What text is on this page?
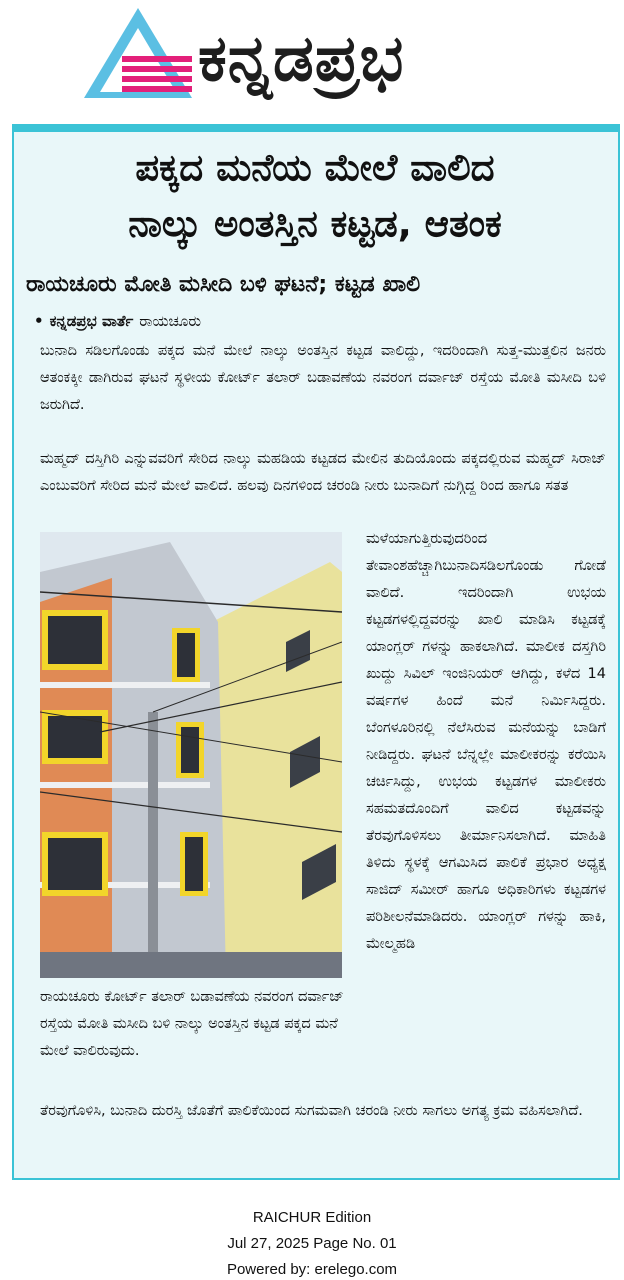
ಕನ್ನಡಪ್ರಭ
ಪಕ್ಕದ ಮನೆಯ ಮೇಲೆ ವಾಲಿದ
ನಾಲ್ಕು ಅಂತಸ್ತಿನ ಕಟ್ಟಡ, ಆತಂಕ
ರಾಯಚೂರು ಮೋತಿ ಮಸೀದಿ ಬಳಿ ಘಟನೆ; ಕಟ್ಟಡ ಖಾಲಿ
• ಕನ್ನಡಪ್ರಭ ವಾರ್ತೆ ರಾಯಚೂರು
ಬುನಾದಿ ಸಡಿಲಗೊಂಡು ಪಕ್ಕದ ಮನೆ ಮೇಲೆ ನಾಲ್ಕು ಅಂತಸ್ತಿನ ಕಟ್ಟಡ ವಾಲಿದ್ದು, ಇದರಿಂದಾಗಿ ಸುತ್ತ-ಮುತ್ತಲಿನ ಜನರು ಆತಂಕಕ್ಕೀ ಡಾಗಿರುವ ಘಟನೆ ಸ್ಥಳೀಯ ಕೋರ್ಟ್ ತಲಾರ್ ಬಡಾವಣೆಯ ನವರಂಗ ದರ್ವಾಜ್ ರಸ್ತೆಯ ಮೋತಿ ಮಸೀದಿ ಬಳಿ ಜರುಗಿದೆ.
ಮಹ್ಮದ್ ದಸ್ತಿಗಿರಿ ಎನ್ನುವವರಿಗೆ ಸೇರಿದ ನಾಲ್ಕು ಮಹಡಿಯ ಕಟ್ಟಡದ ಮೇಲಿನ ತುದಿಯೊಂದು ಪಕ್ಕದಲ್ಲಿರುವ ಮಹ್ಮದ್ ಸಿರಾಜ್ ಎಂಬುವರಿಗೆ ಸೇರಿದ ಮನೆ ಮೇಲೆ ವಾಲಿದೆ. ಹಲವು ದಿನಗಳಿಂದ ಚರಂಡಿ ನೀರು ಬುನಾದಿಗೆ ನುಗ್ಗಿದ್ದ ರಿಂದ ಹಾಗೂ ಸತತ
ಮಳೆಯಾಗುತ್ತಿರುವುದರಿಂದ ತೇವಾಂಶಹೆಚ್ಚಾಗಿಬುನಾದಿಸಡಿಲಗೊಂಡು ಗೋಡೆ ವಾಲಿದೆ. ಇದರಿಂದಾಗಿ ಉಭಯ ಕಟ್ಟಡಗಳಲ್ಲಿದ್ದವರನ್ನು ಖಾಲಿ ಮಾಡಿಸಿ ಕಟ್ಟಡಕ್ಕೆ ಯಾಂಗ್ಲರ್ ಗಳನ್ನು ಹಾಕಲಾಗಿದೆ. ಮಾಲೀಕ ದಸ್ತಗಿರಿ ಖುದ್ದು ಸಿವಿಲ್ ಇಂಜಿನಿಯರ್ ಆಗಿದ್ದು, ಕಳೆದ 14 ವರ್ಷಗಳ ಹಿಂದೆ ಮನೆ ನಿರ್ಮಿಸಿದ್ದರು. ಬೆಂಗಳೂರಿನಲ್ಲಿ ನೆಲೆಸಿರುವ ಮನೆಯನ್ನು ಬಾಡಿಗೆ ನೀಡಿದ್ದರು. ಘಟನೆ ಬೆನ್ನಲ್ಲೇ ಮಾಲೀಕರನ್ನು ಕರೆಯಿಸಿ ಚರ್ಚಿಸಿದ್ದು, ಉಭಯ ಕಟ್ಟಡಗಳ ಮಾಲೀಕರು ಸಹಮತದೊಂದಿಗೆ ವಾಲಿದ ಕಟ್ಟಡವನ್ನು ತೆರವುಗೊಳಿಸಲು ತೀರ್ಮಾನಿಸಲಾಗಿದೆ. ಮಾಹಿತಿ ತಿಳಿದು ಸ್ಥಳಕ್ಕೆ ಆಗಮಿಸಿದ ಪಾಲಿಕೆ ಪ್ರಭಾರ ಅಧ್ಯಕ್ಷ ಸಾಜಿದ್ ಸಮೀರ್ ಹಾಗೂ ಅಧಿಕಾರಿಗಳು ಕಟ್ಟಡಗಳ ಪರಿಶೀಲನೆಮಾಡಿದರು. ಯಾಂಗ್ಲರ್ ಗಳನ್ನು ಹಾಕಿ, ಮೇಲ್ಮಹಡಿ
ರಾಯಚೂರು ಕೋರ್ಟ್ ತಲಾರ್ ಬಡಾವಣೆಯ ನವರಂಗ ದರ್ವಾಜ್ ರಸ್ತೆಯ ಮೋತಿ ಮಸೀದಿ ಬಳಿ ನಾಲ್ಕು ಅಂತಸ್ತಿನ ಕಟ್ಟಡ ಪಕ್ಕದ ಮನೆ ಮೇಲೆ ವಾಲಿರುವುದು.
ತೆರವುಗೊಳಿಸಿ, ಬುನಾದಿ ದುರಸ್ತಿ ಜೊತೆಗೆ ಪಾಲಿಕೆಯಿಂದ ಸುಗಮವಾಗಿ ಚರಂಡಿ ನೀರು ಸಾಗಲು ಅಗತ್ಯ ಕ್ರಮ ವಹಿಸಲಾಗಿದೆ.
RAICHUR Edition
Jul 27, 2025 Page No. 01
Powered by: erelego.com
